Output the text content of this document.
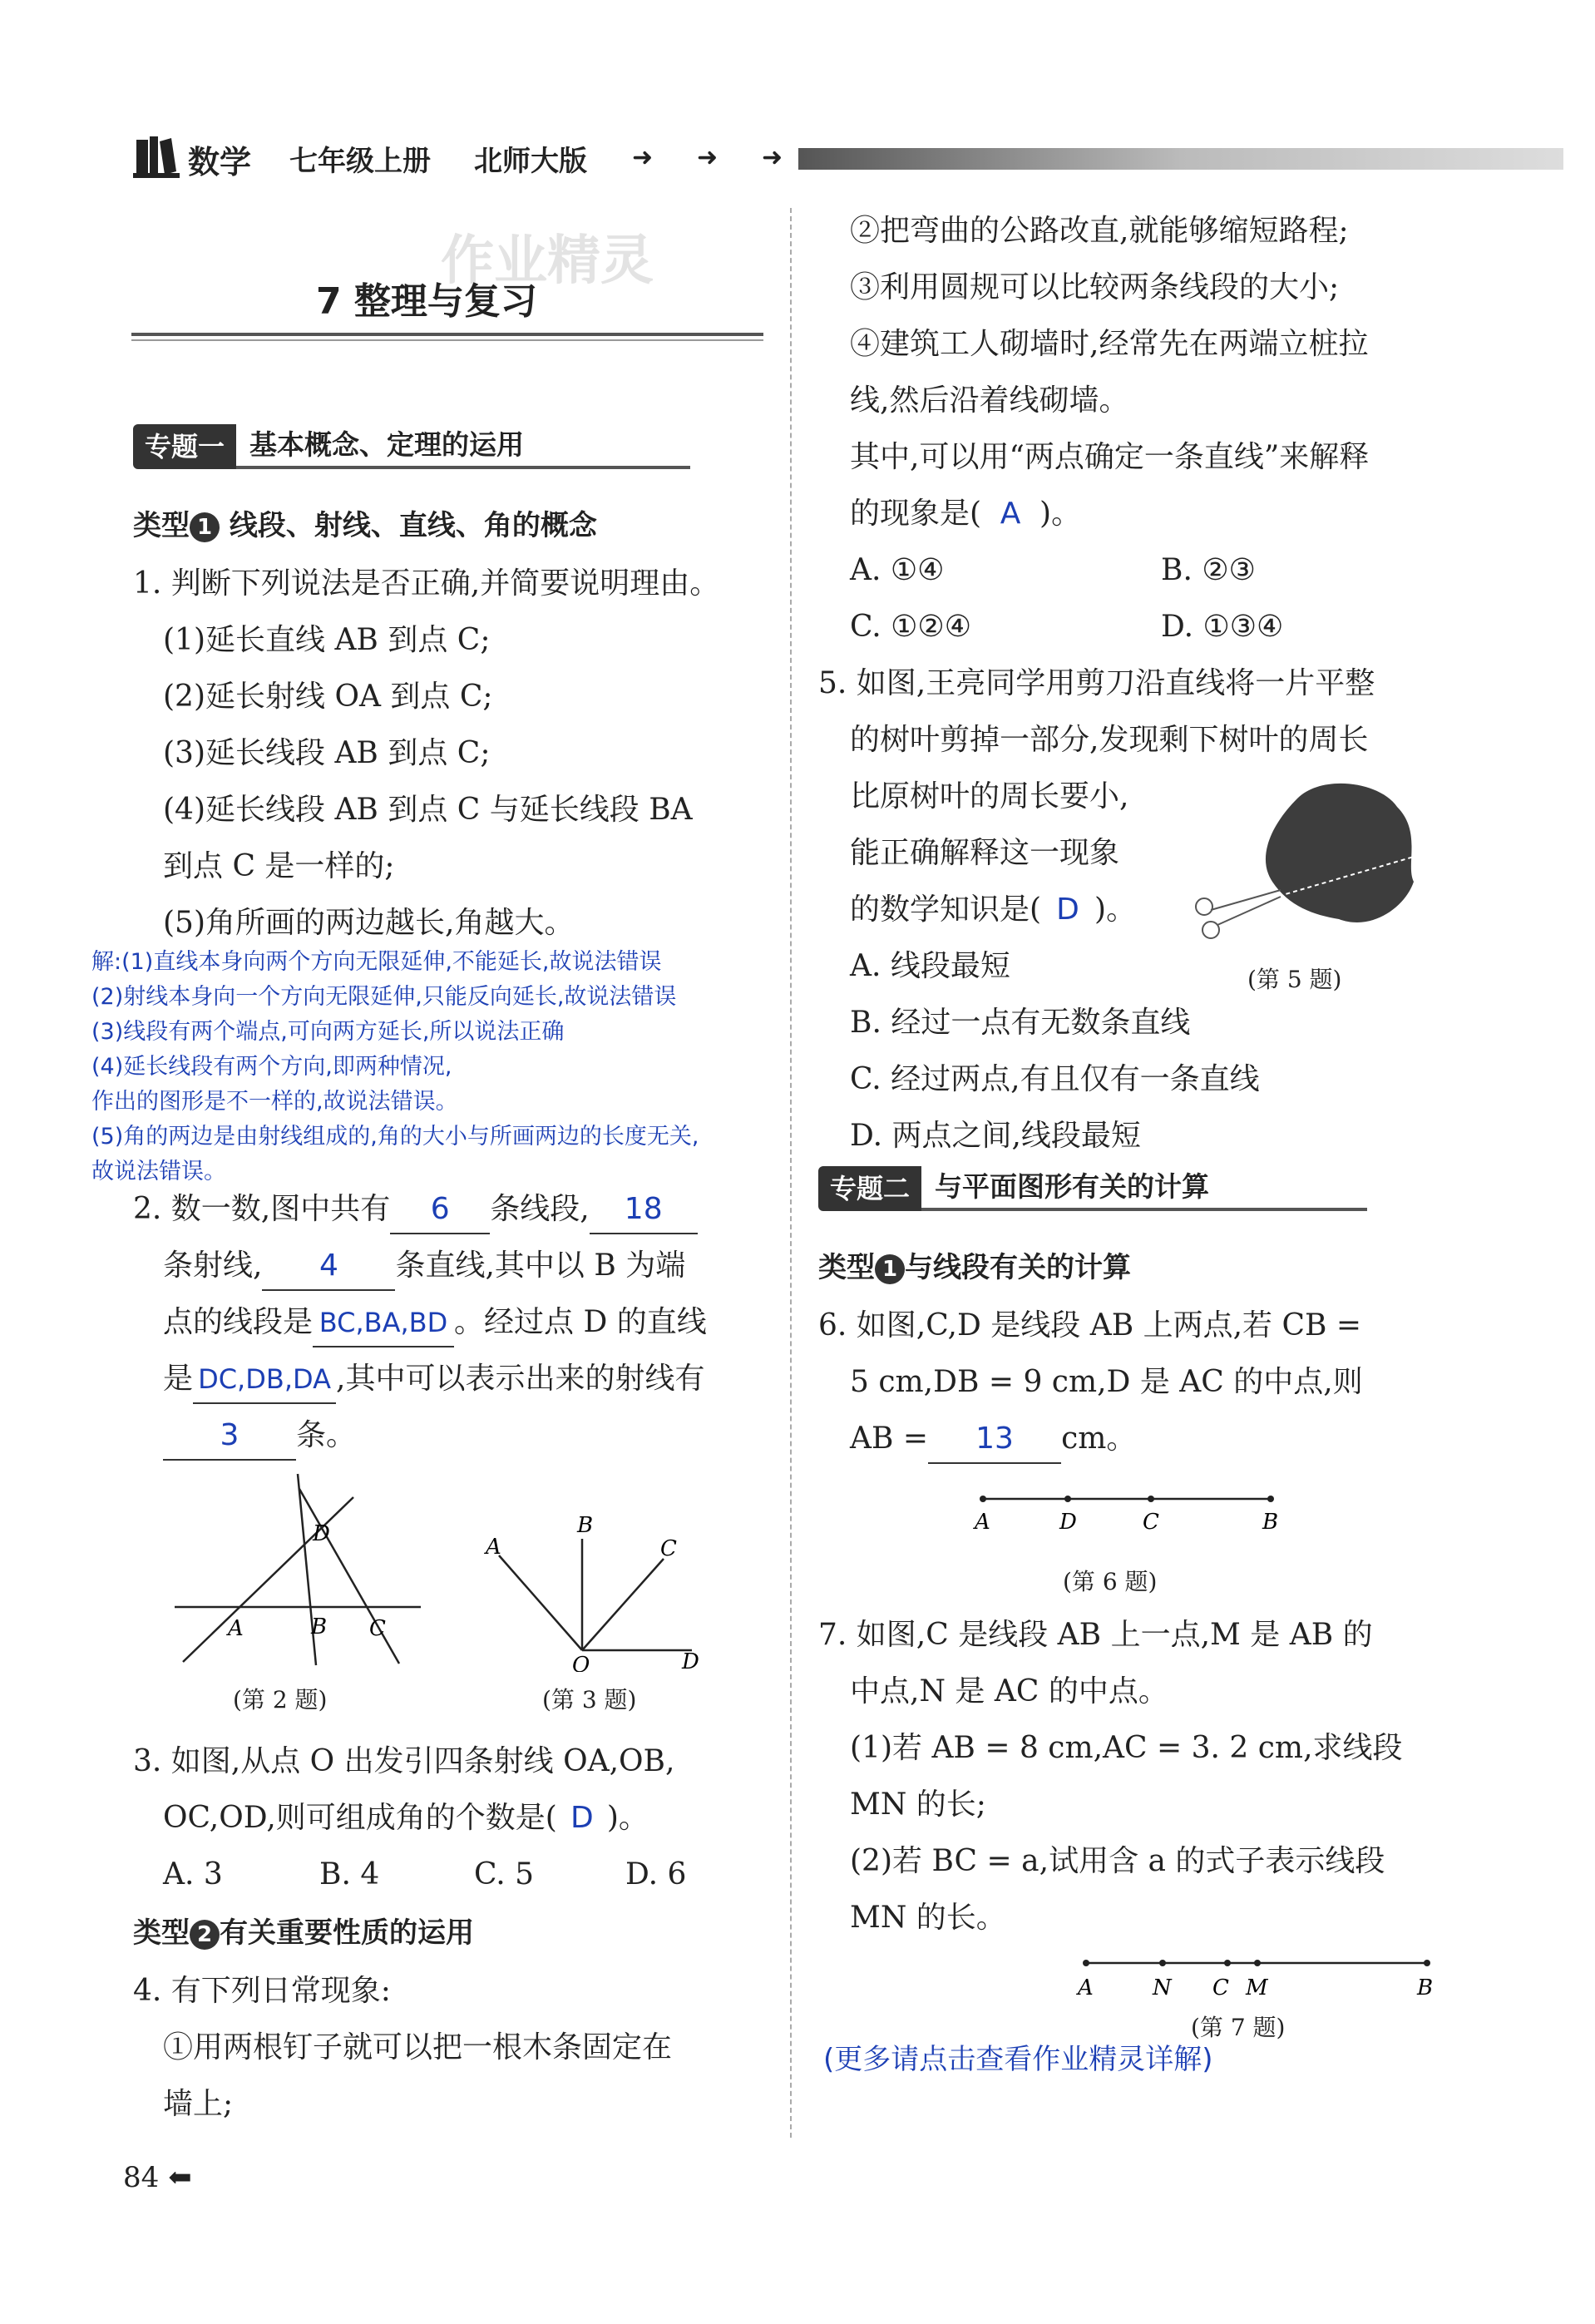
数学 七年级上册 北师大版 ➜ ➜ ➜
作业精灵
7 整理与复习
专题一 基本概念、定理的运用
类型 1 线段、射线、直线、角的概念
1. 判断下列说法是否正确,并简要说明理由。
(1)延长直线 AB 到点 C;
(2)延长射线 OA 到点 C;
(3)延长线段 AB 到点 C;
(4)延长线段 AB 到点 C 与延长线段 BA
到点 C 是一样的;
(5)角所画的两边越长,角越大。
解:(1)直线本身向两个方向无限延伸,不能延长,故说法错误
(2)射线本身向一个方向无限延伸,只能反向延长,故说法错误
(3)线段有两个端点,可向两方延长,所以说法正确
(4)延长线段有两个方向,即两种情况,
作出的图形是不一样的,故说法错误。
(5)角的两边是由射线组成的,角的大小与所画两边的长度无关,
故说法错误。
2. 数一数,图中共有 6 条线段, 18
条射线, 4 条直线,其中以 B 为端
点的线段是 BC,BA,BD 。经过点 D 的直线
是 DC,DB,DA ,其中可以表示出来的射线有
3 条。
D
A	B C
(第 2 题)
A
B
C
D
O
(第 3 题)
3. 如图,从点 O 出发引四条射线 OA,OB,
OC,OD,则可组成角的个数是( D )。
A. 3	B. 4	C. 5	D. 6
类型 2 有关重要性质的运用
4. 有下列日常现象:
①用两根钉子就可以把一根木条固定在
墙上;
②把弯曲的公路改直,就能够缩短路程;
③利用圆规可以比较两条线段的大小;
④建筑工人砌墙时,经常先在两端立桩拉
线,然后沿着线砌墙。
其中,可以用“两点确定一条直线”来解释
的现象是( A )。
A. ①④	B. ②③
C. ①②④	D. ①③④
5. 如图,王亮同学用剪刀沿直线将一片平整
的树叶剪掉一部分,发现剩下树叶的周长
比原树叶的周长要小,
能正确解释这一现象
的数学知识是( D )。
A. 线段最短
B. 经过一点有无数条直线
C. 经过两点,有且仅有一条直线
D. 两点之间,线段最短
(第 5 题)
专题二 与平面图形有关的计算
类型 1 与线段有关的计算
6. 如图,C,D 是线段 AB 上两点,若 CB =
5 cm,DB = 9 cm,D 是 AC 的中点,则
AB = 13 cm。
A	D	C	B
(第 6 题)
7. 如图,C 是线段 AB 上一点,M 是 AB 的
中点,N 是 AC 的中点。
(1)若 AB = 8 cm,AC = 3. 2 cm,求线段
MN 的长;
(2)若 BC = a,试用含 a 的式子表示线段
MN 的长。
A	N C M	B
(第 7 题)
(更多请点击查看作业精灵详解)
84 ⬅
